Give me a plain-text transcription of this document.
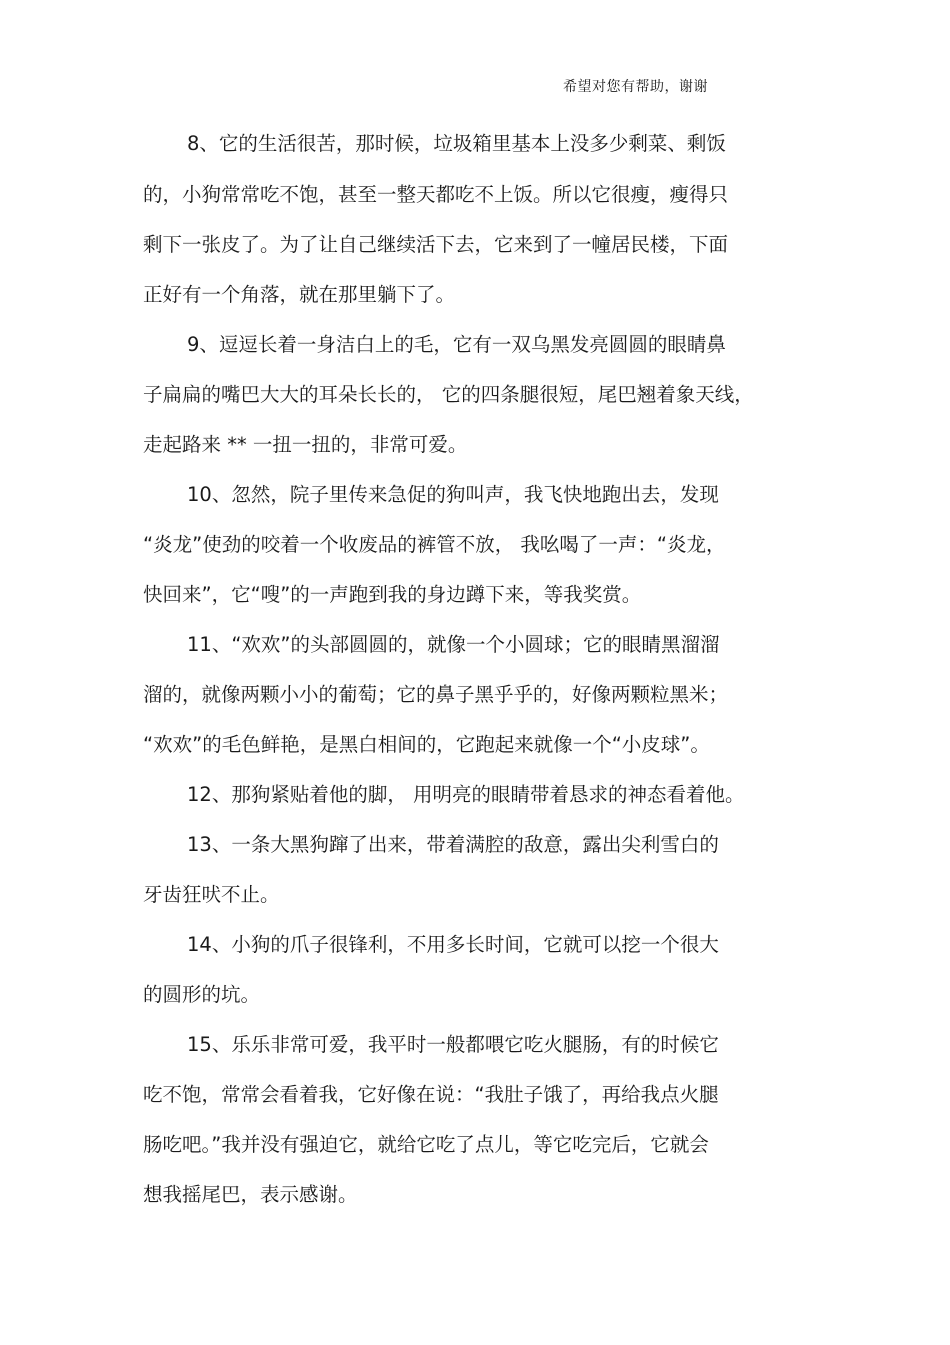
希望对您有帮助，谢谢
8、它的生活很苦，那时候，垃圾箱里基本上没多少剩菜、剩饭
的，小狗常常吃不饱，甚至一整天都吃不上饭。所以它很瘦，瘦得只
剩下一张皮了。为了让自己继续活下去，它来到了一幢居民楼，下面
正好有一个角落，就在那里躺下了。
9、逗逗长着一身洁白上的毛，它有一双乌黑发亮圆圆的眼睛鼻
子扁扁的嘴巴大大的耳朵长长的， 它的四条腿很短，尾巴翘着象天线，
走起路来 ** 一扭一扭的，非常可爱。
10、忽然，院子里传来急促的狗叫声，我飞快地跑出去，发现
“炎龙”使劲的咬着一个收废品的裤管不放， 我吆喝了一声：“炎龙，
快回来”，它“嗖”的一声跑到我的身边蹲下来，等我奖赏。
11、“欢欢”的头部圆圆的，就像一个小圆球；它的眼睛黑溜溜
溜的，就像两颗小小的葡萄；它的鼻子黑乎乎的，好像两颗粒黑米；
“欢欢”的毛色鲜艳，是黑白相间的，它跑起来就像一个“小皮球”。
12、那狗紧贴着他的脚， 用明亮的眼睛带着恳求的神态看着他。
13、一条大黑狗蹿了出来，带着满腔的敌意，露出尖利雪白的
牙齿狂吠不止。
14、小狗的爪子很锋利，不用多长时间，它就可以挖一个很大
的圆形的坑。
15、乐乐非常可爱，我平时一般都喂它吃火腿肠，有的时候它
吃不饱，常常会看着我，它好像在说：“我肚子饿了，再给我点火腿
肠吃吧。”我并没有强迫它，就给它吃了点儿，等它吃完后，它就会
想我摇尾巴，表示感谢。
